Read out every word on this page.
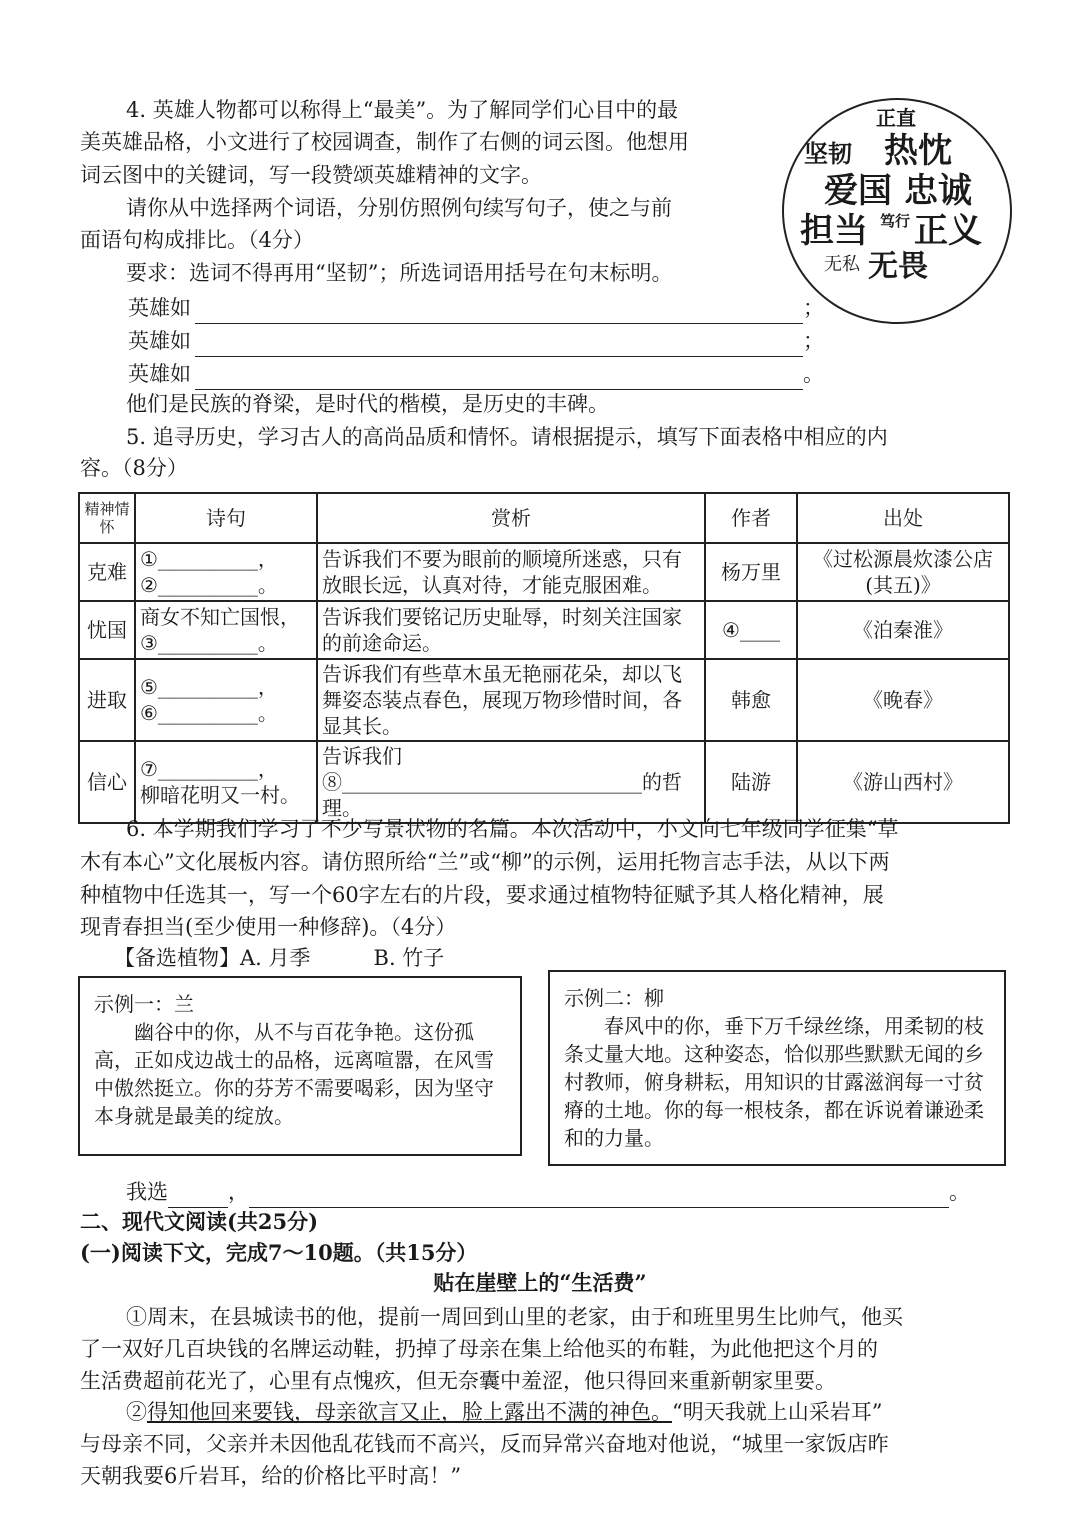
4. 英雄人物都可以称得上“最美”。为了解同学们心目中的最
美英雄品格，小文进行了校园调查，制作了右侧的词云图。他想用
词云图中的关键词，写一段赞颂英雄精神的文字。
请你从中选择两个词语，分别仿照例句续写句子，使之与前
面语句构成排比。（4分）
要求：选词不得再用“坚韧”；所选词语用括号在句末标明。
正直
坚韧 热忱
爱国 忠诚
担当 笃行 正义
无私 无畏
英雄如	；
英雄如	；
英雄如	。
他们是民族的脊梁，是时代的楷模，是历史的丰碑。
5. 追寻历史，学习古人的高尚品质和情怀。请根据提示，填写下面表格中相应的内
容。（8分）
精神情怀	诗句	赏析	作者	出处
克难	①__________，
②__________。	告诉我们不要为眼前的顺境所迷惑，只有放眼长远，认真对待，才能克服困难。	杨万里	《过松源晨炊漆公店(其五)》
忧国	商女不知亡国恨，
③__________。	告诉我们要铭记历史耻辱，时刻关注国家的前途命运。	④____	《泊秦淮》
进取	⑤__________，
⑥__________。	告诉我们有些草木虽无艳丽花朵，却以飞舞姿态装点春色，展现万物珍惜时间，各显其长。	韩愈	《晚春》
信心	⑦__________，
柳暗花明又一村。	告诉我们⑧______________________________的哲理。	陆游	《游山西村》
6. 本学期我们学习了不少写景状物的名篇。本次活动中，小文向七年级同学征集“草
木有本心”文化展板内容。请仿照所给“兰”或“柳”的示例，运用托物言志手法，从以下两
种植物中任选其一，写一个60字左右的片段，要求通过植物特征赋予其人格化精神，展
现青春担当(至少使用一种修辞)。（4分）
【备选植物】A. 月季　　　B. 竹子
示例一：兰
幽谷中的你，从不与百花争艳。这份孤高，正如戍边战士的品格，远离喧嚣，在风雪中傲然挺立。你的芬芳不需要喝彩，因为坚守本身就是最美的绽放。
示例二：柳
春风中的你，垂下万千绿丝绦，用柔韧的枝条丈量大地。这种姿态，恰似那些默默无闻的乡村教师，俯身耕耘，用知识的甘露滋润每一寸贫瘠的土地。你的每一根枝条，都在诉说着谦逊柔和的力量。
我选	，	。
二、现代文阅读(共25分)
(一)阅读下文，完成7～10题。（共15分）
贴在崖壁上的“生活费”
①周末，在县城读书的他，提前一周回到山里的老家，由于和班里男生比帅气，他买
了一双好几百块钱的名牌运动鞋，扔掉了母亲在集上给他买的布鞋，为此他把这个月的
生活费超前花光了，心里有点愧疚，但无奈囊中羞涩，他只得回来重新朝家里要。
②得知他回来要钱，母亲欲言又止，脸上露出不满的神色。“明天我就上山采岩耳”
与母亲不同，父亲并未因他乱花钱而不高兴，反而异常兴奋地对他说，“城里一家饭店昨
天朝我要6斤岩耳，给的价格比平时高！”
